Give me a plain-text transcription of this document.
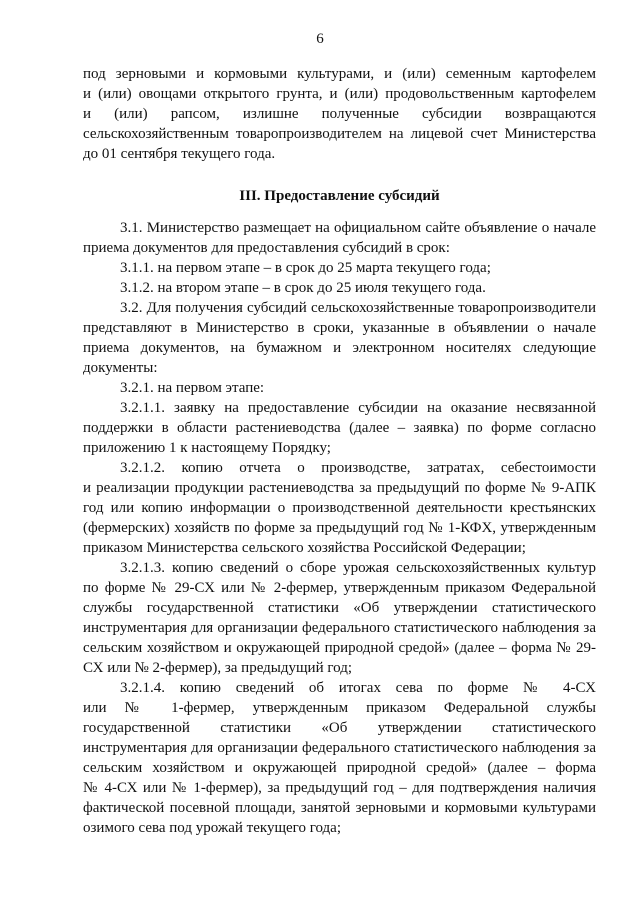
6

под зерновыми и кормовыми культурами, и (или) семенным картофелем
и (или) овощами открытого грунта, и (или) продовольственным картофелем
и (или) рапсом, излишне полученные субсидии возвращаются
сельскохозяйственным товаропроизводителем на лицевой счет Министерства
до 01 сентября текущего года.

III. Предоставление субсидий

3.1. Министерство размещает на официальном сайте объявление о начале
приема документов для предоставления субсидий в срок:

3.1.1. на первом этапе – в срок до 25 марта текущего года;

3.1.2. на втором этапе – в срок до 25 июля текущего года.

3.2. Для получения субсидий сельскохозяйственные товаропроизводители
представляют в Министерство в сроки, указанные в объявлении о начале
приема документов, на бумажном и электронном носителях следующие
документы:

3.2.1. на первом этапе:

3.2.1.1. заявку на предоставление субсидии на оказание несвязанной
поддержки в области растениеводства (далее – заявка) по форме согласно
приложению 1 к настоящему Порядку;

3.2.1.2. копию отчета о производстве, затратах, себестоимости
и реализации продукции растениеводства за предыдущий по форме № 9-АПК
год или копию информации о производственной деятельности крестьянских
(фермерских) хозяйств по форме за предыдущий год № 1-КФХ, утвержденным
приказом Министерства сельского хозяйства Российской Федерации;

3.2.1.3. копию сведений о сборе урожая сельскохозяйственных культур
по форме № 29-СХ или № 2-фермер, утвержденным приказом Федеральной
службы государственной статистики «Об утверждении статистического
инструментария для организации федерального статистического наблюдения за
сельским хозяйством и окружающей природной средой» (далее – форма № 29-
СХ или № 2-фермер), за предыдущий год;

3.2.1.4. копию сведений об итогах сева по форме № 4-СХ
или № 1-фермер, утвержденным приказом Федеральной службы
государственной статистики «Об утверждении статистического
инструментария для организации федерального статистического наблюдения за
сельским хозяйством и окружающей природной средой» (далее – форма
№ 4-СХ или № 1-фермер), за предыдущий год – для подтверждения наличия
фактической посевной площади, занятой зерновыми и кормовыми культурами
озимого сева под урожай текущего года;
